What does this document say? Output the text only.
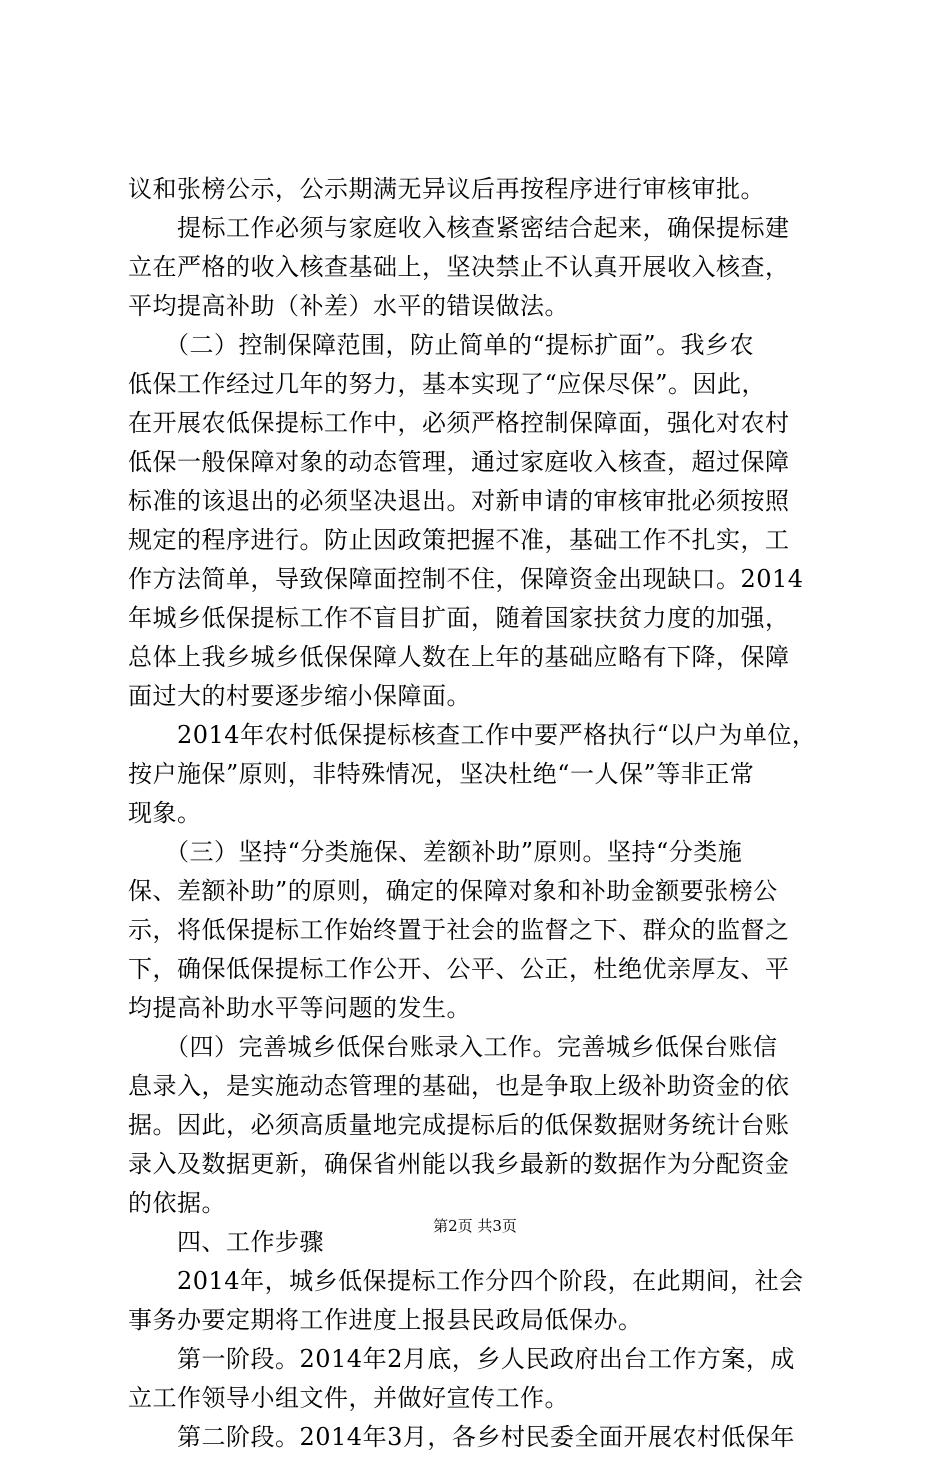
议和张榜公示，公示期满无异议后再按程序进行审核审批。
　　提标工作必须与家庭收入核查紧密结合起来，确保提标建
立在严格的收入核查基础上，坚决禁止不认真开展收入核查，
平均提高补助（补差）水平的错误做法。
　　（二）控制保障范围，防止简单的“提标扩面”。我乡农
低保工作经过几年的努力，基本实现了“应保尽保”。因此，
在开展农低保提标工作中，必须严格控制保障面，强化对农村
低保一般保障对象的动态管理，通过家庭收入核查，超过保障
标准的该退出的必须坚决退出。对新申请的审核审批必须按照
规定的程序进行。防止因政策把握不准，基础工作不扎实，工
作方法简单，导致保障面控制不住，保障资金出现缺口。2014
年城乡低保提标工作不盲目扩面，随着国家扶贫力度的加强，
总体上我乡城乡低保保障人数在上年的基础应略有下降，保障
面过大的村要逐步缩小保障面。
　　2014年农村低保提标核查工作中要严格执行“以户为单位，
按户施保”原则，非特殊情况，坚决杜绝“一人保”等非正常
现象。
　　（三）坚持“分类施保、差额补助”原则。坚持“分类施
保、差额补助”的原则，确定的保障对象和补助金额要张榜公
示，将低保提标工作始终置于社会的监督之下、群众的监督之
下，确保低保提标工作公开、公平、公正，杜绝优亲厚友、平
均提高补助水平等问题的发生。
　　（四）完善城乡低保台账录入工作。完善城乡低保台账信
息录入，是实施动态管理的基础，也是争取上级补助资金的依
据。因此，必须高质量地完成提标后的低保数据财务统计台账
录入及数据更新，确保省州能以我乡最新的数据作为分配资金
的依据。
　　四、工作步骤
　　2014年，城乡低保提标工作分四个阶段，在此期间，社会
事务办要定期将工作进度上报县民政局低保办。
　　第一阶段。2014年2月底，乡人民政府出台工作方案，成
立工作领导小组文件，并做好宣传工作。
　　第二阶段。2014年3月，各乡村民委全面开展农村低保年
第2页 共3页
